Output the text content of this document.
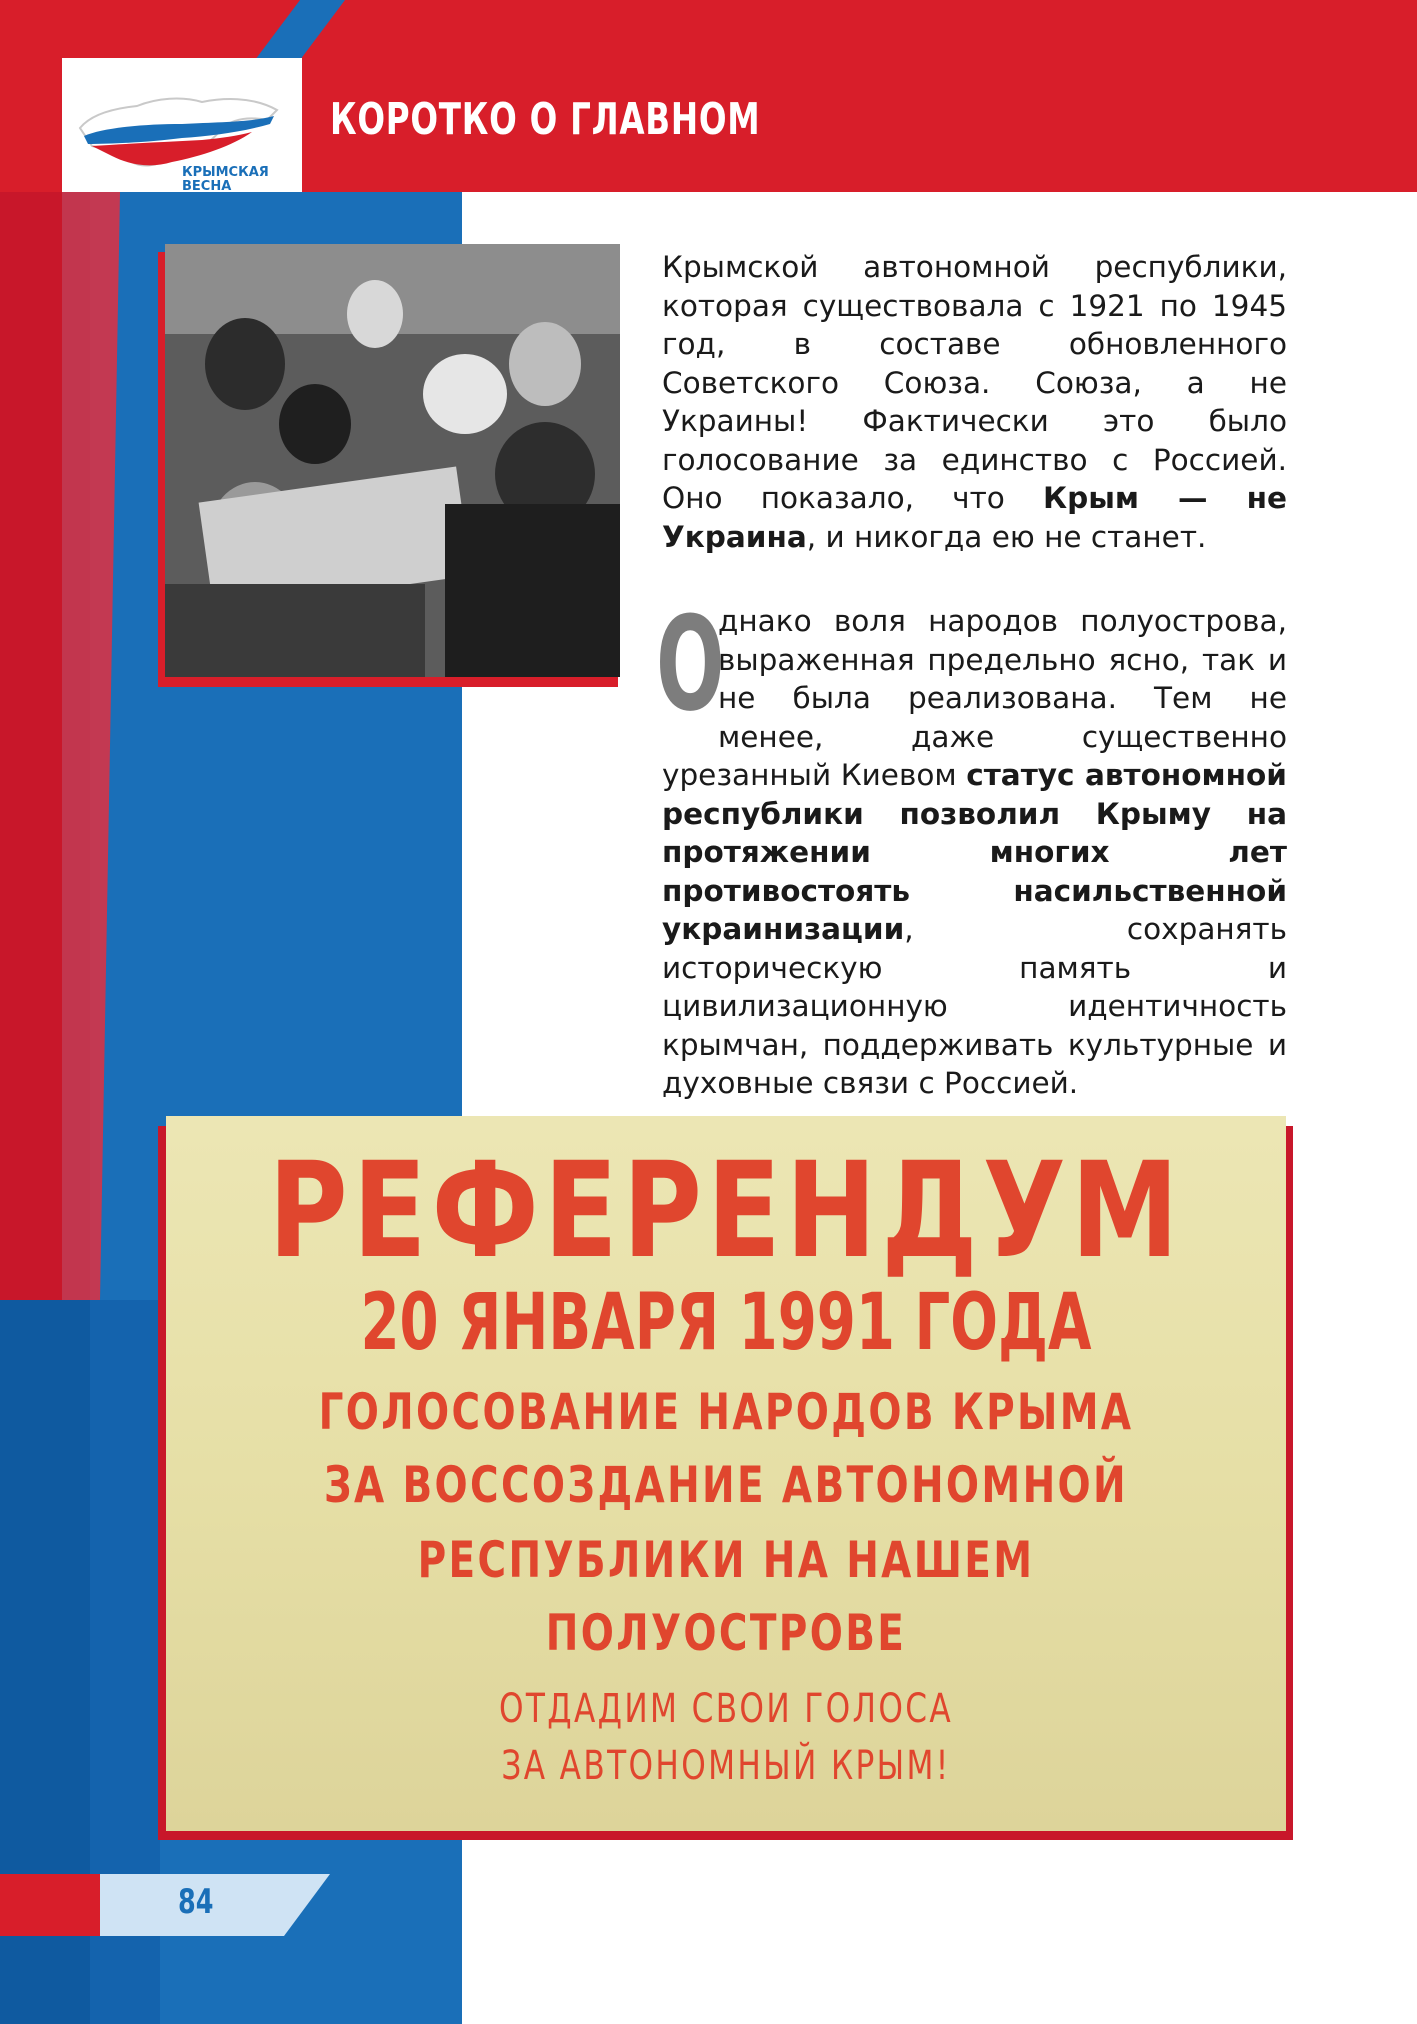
КРЫМСКАЯ
ВЕСНА
КОРОТКО О ГЛАВНОМ
Крымской автономной республики, которая существовала с 1921 по 1945 год, в составе обновленного Советского Союза. Союза, а не Украины! Фактически это было голосование за единство с Россией. Оно показало, что Крым — не Украина, и никогда ею не станет.
О
днако воля народов полуострова, выраженная предельно ясно, так и не была реализована. Тем не менее, даже существенно урезанный Киевом статус автономной республики позволил Крыму на протяжении многих лет противостоять насильственной украинизации, сохранять историческую память и цивилизационную идентичность крымчан, поддерживать культурные и духовные связи с Россией.
РЕФЕРЕНДУМ
20 ЯНВАРЯ 1991 ГОДА
ГОЛОСОВАНИЕ НАРОДОВ КРЫМА
ЗА ВОССОЗДАНИЕ АВТОНОМНОЙ
РЕСПУБЛИКИ НА НАШЕМ
ПОЛУОСТРОВЕ
ОТДАДИМ СВОИ ГОЛОСА
ЗА АВТОНОМНЫЙ КРЫМ!
84
